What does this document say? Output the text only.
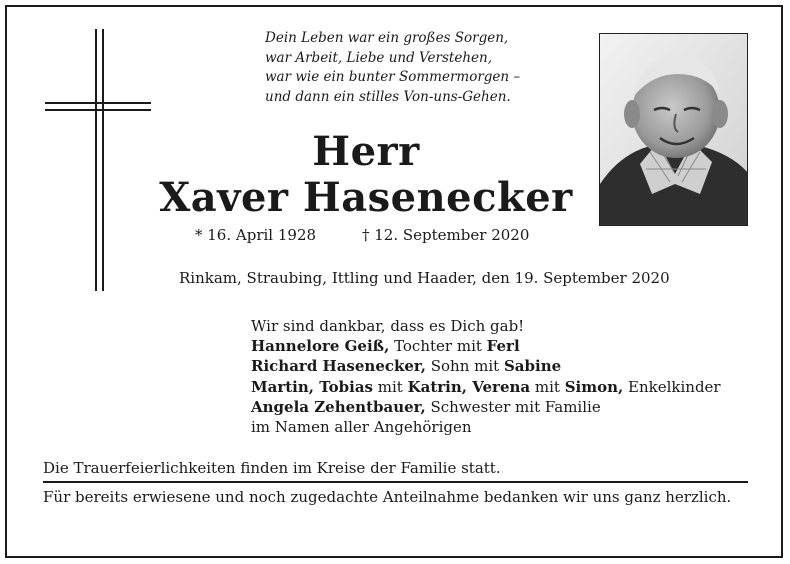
Dein Leben war ein großes Sorgen,
war Arbeit, Liebe und Verstehen,
war wie ein bunter Sommermorgen –
und dann ein stilles Von-uns-Gehen.
Herr
Xaver Hasenecker
* 16. April 1928	† 12. September 2020
Rinkam, Straubing, Ittling und Haader, den 19. September 2020
Wir sind dankbar, dass es Dich gab!
Hannelore Geiß, Tochter mit Ferl
Richard Hasenecker, Sohn mit Sabine
Martin, Tobias mit Katrin, Verena mit Simon, Enkelkinder
Angela Zehentbauer, Schwester mit Familie
im Namen aller Angehörigen
Die Trauerfeierlichkeiten finden im Kreise der Familie statt.
Für bereits erwiesene und noch zugedachte Anteilnahme bedanken wir uns ganz herzlich.
